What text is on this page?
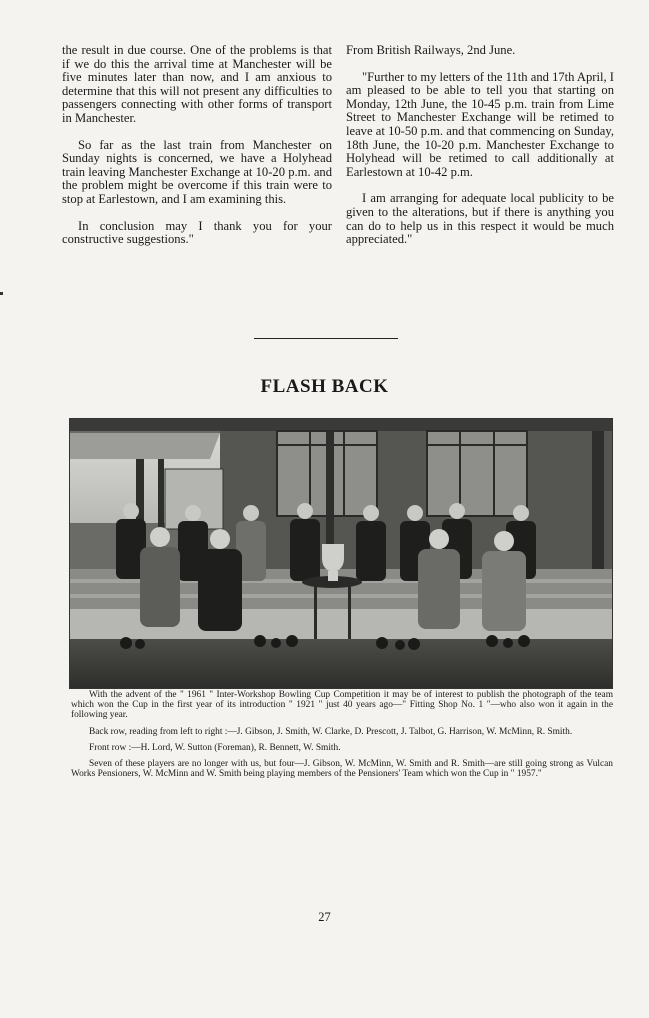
the result in due course. One of the problems is that if we do this the arrival time at Manchester will be five minutes later than now, and I am anxious to determine that this will not present any difficulties to passengers connecting with other forms of transport in Manchester.

So far as the last train from Manchester on Sunday nights is concerned, we have a Holyhead train leaving Manchester Exchange at 10-20 p.m. and the problem might be overcome if this train were to stop at Earlestown, and I am examining this.

In conclusion may I thank you for your constructive suggestions."

From British Railways, 2nd June.

"Further to my letters of the 11th and 17th April, I am pleased to be able to tell you that starting on Monday, 12th June, the 10-45 p.m. train from Lime Street to Manchester Exchange will be retimed to leave at 10-50 p.m. and that commencing on Sunday, 18th June, the 10-20 p.m. Manchester Exchange to Holyhead will be retimed to call additionally at Earlestown at 10-42 p.m.

I am arranging for adequate local publicity to be given to the alterations, but if there is anything you can do to help us in this respect it would be much appreciated."

FLASH BACK

With the advent of the " 1961 " Inter-Workshop Bowling Cup Competition it may be of interest to publish the photograph of the team which won the Cup in the first year of its introduction " 1921 " just 40 years ago—" Fitting Shop No. 1 "—who also won it again in the following year.

Back row, reading from left to right :—J. Gibson, J. Smith, W. Clarke, D. Prescott, J. Talbot, G. Harrison, W. McMinn, R. Smith.

Front row :—H. Lord, W. Sutton (Foreman), R. Bennett, W. Smith.

Seven of these players are no longer with us, but four—J. Gibson, W. McMinn, W. Smith and R. Smith—are still going strong as Vulcan Works Pensioners, W. McMinn and W. Smith being playing members of the Pensioners' Team which won the Cup in " 1957."

27
